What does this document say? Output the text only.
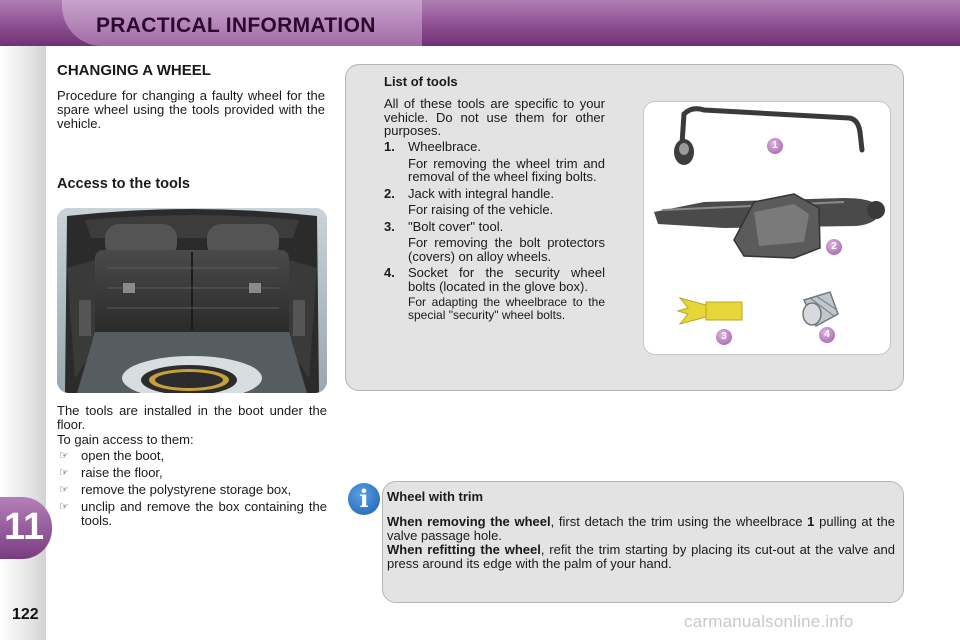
PRACTICAL INFORMATION
11
122
CHANGING A WHEEL
Procedure for changing a faulty wheel for the spare wheel using the tools provided with the vehicle.
Access to the tools
The tools are installed in the boot under the floor.
To gain access to them:
☞ open the boot,
☞ raise the floor,
☞ remove the polystyrene storage box,
☞ unclip and remove the box containing the tools.
List of tools
All of these tools are specific to your vehicle. Do not use them for other purposes.
1.	Wheelbrace.
For removing the wheel trim and removal of the wheel fixing bolts.
2.	Jack with integral handle.
For raising of the vehicle.
3.	"Bolt cover" tool.
For removing the bolt protectors (covers) on alloy wheels.
4.	Socket for the security wheel bolts (located in the glove box).
For adapting the wheelbrace to the special "security" wheel bolts.
1
2
3	4
i	Wheel with trim
When removing the wheel, first detach the trim using the wheelbrace 1 pulling at the valve passage hole.
When refitting the wheel, refit the trim starting by placing its cut-out at the valve and press around its edge with the palm of your hand.
carmanualsonline.info
